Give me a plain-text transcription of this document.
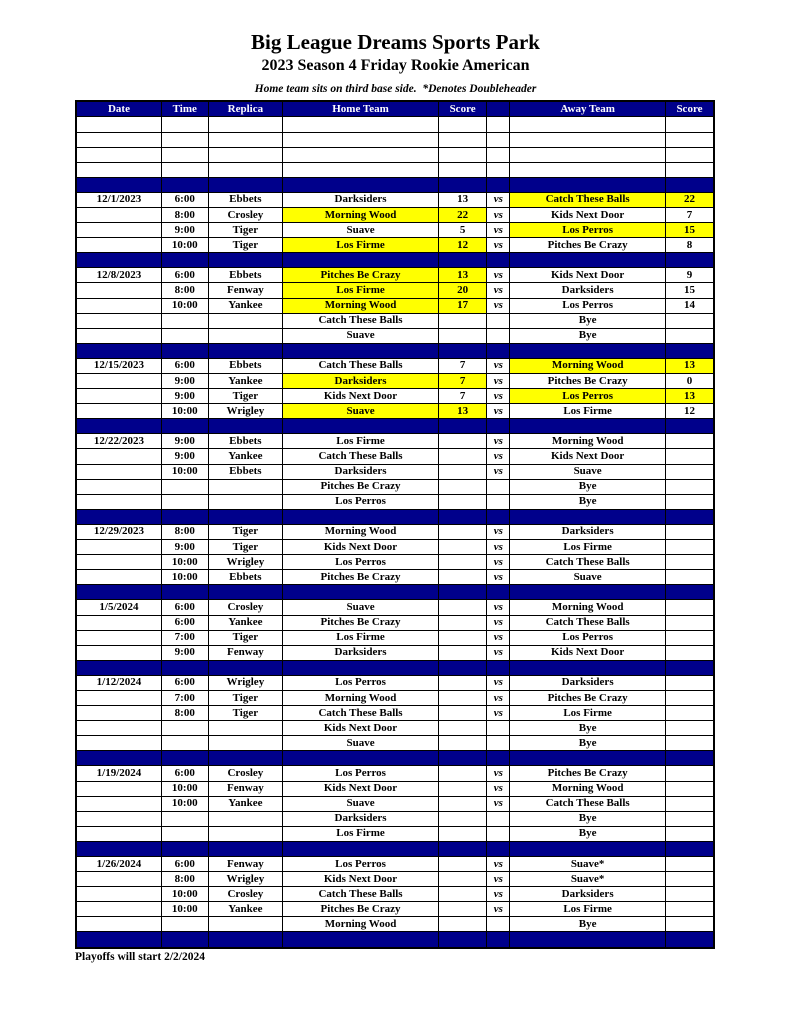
Big League Dreams Sports Park
2023 Season 4 Friday Rookie American
Home team sits on third base side.  *Denotes Doubleheader
Date	Time	Replica	Home Team	Score		Away Team	Score

12/1/2023	6:00	Ebbets	Darksiders	13	vs	Catch These Balls	22
	8:00	Crosley	Morning Wood	22	vs	Kids Next Door	7
	9:00	Tiger	Suave	5	vs	Los Perros	15
	10:00	Tiger	Los Firme	12	vs	Pitches Be Crazy	8

12/8/2023	6:00	Ebbets	Pitches Be Crazy	13	vs	Kids Next Door	9
	8:00	Fenway	Los Firme	20	vs	Darksiders	15
	10:00	Yankee	Morning Wood	17	vs	Los Perros	14
			Catch These Balls			Bye	
			Suave			Bye	

12/15/2023	6:00	Ebbets	Catch These Balls	7	vs	Morning Wood	13
	9:00	Yankee	Darksiders	7	vs	Pitches Be Crazy	0
	9:00	Tiger	Kids Next Door	7	vs	Los Perros	13
	10:00	Wrigley	Suave	13	vs	Los Firme	12

12/22/2023	9:00	Ebbets	Los Firme		vs	Morning Wood	
	9:00	Yankee	Catch These Balls		vs	Kids Next Door	
	10:00	Ebbets	Darksiders		vs	Suave	
			Pitches Be Crazy			Bye	
			Los Perros			Bye	

12/29/2023	8:00	Tiger	Morning Wood		vs	Darksiders	
	9:00	Tiger	Kids Next Door		vs	Los Firme	
	10:00	Wrigley	Los Perros		vs	Catch These Balls	
	10:00	Ebbets	Pitches Be Crazy		vs	Suave	

1/5/2024	6:00	Crosley	Suave		vs	Morning Wood	
	6:00	Yankee	Pitches Be Crazy		vs	Catch These Balls	
	7:00	Tiger	Los Firme		vs	Los Perros	
	9:00	Fenway	Darksiders		vs	Kids Next Door	

1/12/2024	6:00	Wrigley	Los Perros		vs	Darksiders	
	7:00	Tiger	Morning Wood		vs	Pitches Be Crazy	
	8:00	Tiger	Catch These Balls		vs	Los Firme	
			Kids Next Door			Bye	
			Suave			Bye	

1/19/2024	6:00	Crosley	Los Perros		vs	Pitches Be Crazy	
	10:00	Fenway	Kids Next Door		vs	Morning Wood	
	10:00	Yankee	Suave		vs	Catch These Balls	
			Darksiders			Bye	
			Los Firme			Bye	

1/26/2024	6:00	Fenway	Los Perros		vs	Suave*	
	8:00	Wrigley	Kids Next Door		vs	Suave*	
	10:00	Crosley	Catch These Balls		vs	Darksiders	
	10:00	Yankee	Pitches Be Crazy		vs	Los Firme	
			Morning Wood			Bye	

Playoffs will start 2/2/2024
